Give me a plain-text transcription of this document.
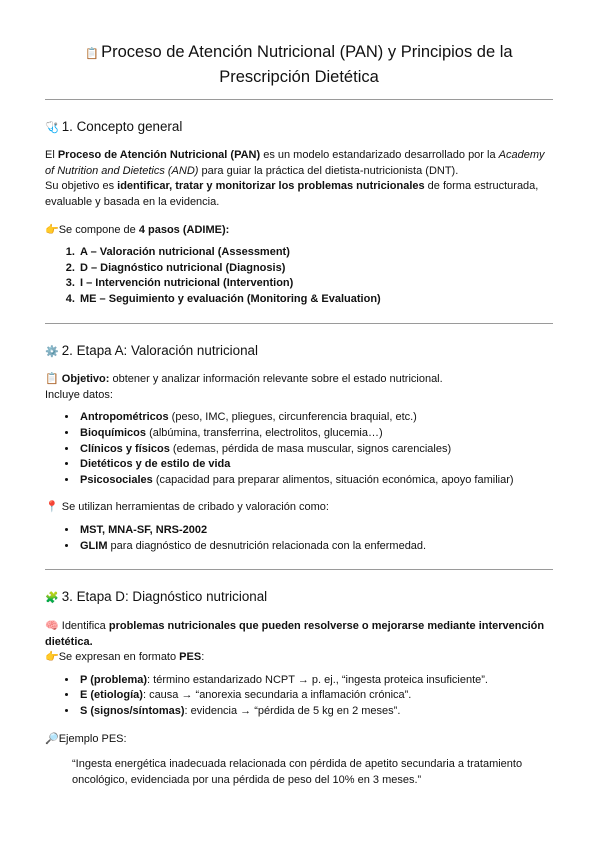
📋 Proceso de Atención Nutricional (PAN) y Principios de la
Prescripción Dietética
🩺 1. Concepto general

El Proceso de Atención Nutricional (PAN) es un modelo estandarizado desarrollado por la Academy of Nutrition and Dietetics (AND) para guiar la práctica del dietista-nutricionista (DNT).
Su objetivo es identificar, tratar y monitorizar los problemas nutricionales de forma estructurada, evaluable y basada en la evidencia.

👉Se compone de 4 pasos (ADIME):

1. A – Valoración nutricional (Assessment)
2. D – Diagnóstico nutricional (Diagnosis)
3. I – Intervención nutricional (Intervention)
4. ME – Seguimiento y evaluación (Monitoring & Evaluation)
⚙️ 2. Etapa A: Valoración nutricional

📋 Objetivo: obtener y analizar información relevante sobre el estado nutricional.
Incluye datos:

• Antropométricos (peso, IMC, pliegues, circunferencia braquial, etc.)
• Bioquímicos (albúmina, transferrina, electrolitos, glucemia…)
• Clínicos y físicos (edemas, pérdida de masa muscular, signos carenciales)
• Dietéticos y de estilo de vida
• Psicosociales (capacidad para preparar alimentos, situación económica, apoyo familiar)

📍 Se utilizan herramientas de cribado y valoración como:

• MST, MNA-SF, NRS-2002
• GLIM para diagnóstico de desnutrición relacionada con la enfermedad.
🧩 3. Etapa D: Diagnóstico nutricional

🧠 Identifica problemas nutricionales que pueden resolverse o mejorarse mediante intervención dietética.
👉Se expresan en formato PES:

• P (problema): término estandarizado NCPT → p. ej., “ingesta proteica insuficiente”.
• E (etiología): causa → “anorexia secundaria a inflamación crónica”.
• S (signos/síntomas): evidencia → “pérdida de 5 kg en 2 meses”.

🔎Ejemplo PES:

“Ingesta energética inadecuada relacionada con pérdida de apetito secundaria a tratamiento oncológico, evidenciada por una pérdida de peso del 10% en 3 meses.”
